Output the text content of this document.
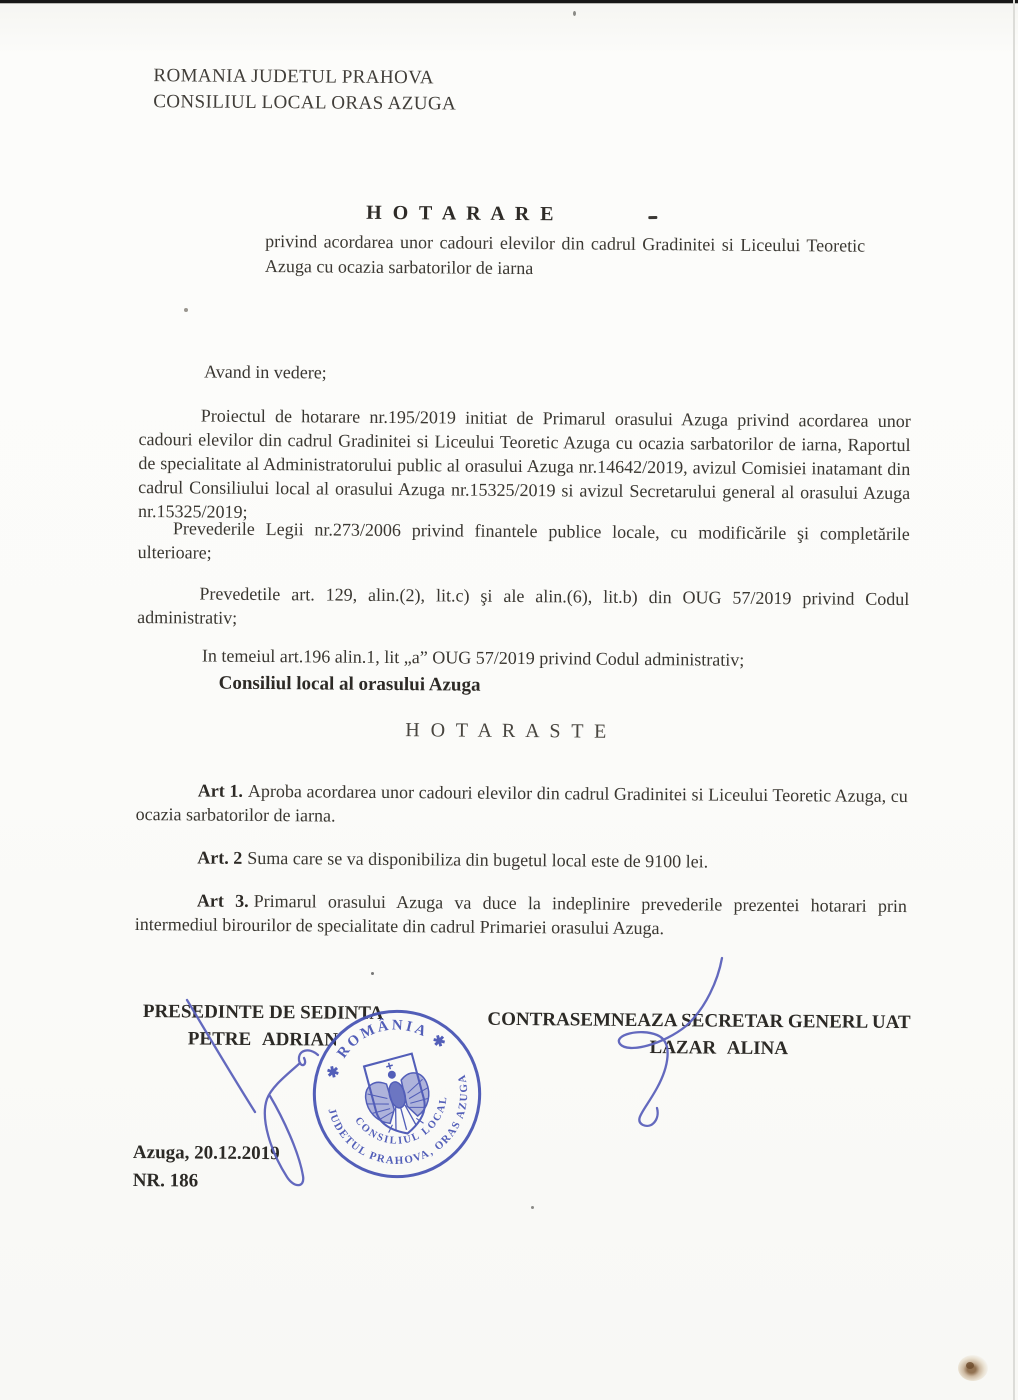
ROMANIA JUDETUL PRAHOVA
CONSILIUL LOCAL ORAS AZUGA
H O T A R A R E
privind acordarea unor cadouri elevilor din cadrul Gradinitei si Liceului Teoretic Azuga cu ocazia sarbatorilor de iarna
Avand in vedere;

Proiectul de hotarare nr.195/2019 initiat de Primarul orasului Azuga privind acordarea unor cadouri elevilor din cadrul Gradinitei si Liceului Teoretic Azuga cu ocazia sarbatorilor de iarna, Raportul de specialitate al Administratorului public al orasului Azuga nr.14642/2019, avizul Comisiei inatamant din cadrul Consiliului local al orasului Azuga nr.15325/2019 si avizul Secretarului general al orasului Azuga nr.15325/2019;

Prevederile Legii nr.273/2006 privind finantele publice locale, cu modificările şi completările ulterioare;

Prevedetile art. 129, alin.(2), lit.c) şi ale alin.(6), lit.b) din OUG 57/2019 privind Codul administrativ;

In temeiul art.196 alin.1, lit „a” OUG 57/2019 privind Codul administrativ;

Consiliul local al orasului Azuga
H O T A R A S T E

Art 1. Aproba acordarea unor cadouri elevilor din cadrul Gradinitei si Liceului Teoretic Azuga, cu ocazia sarbatorilor de iarna.

Art. 2 Suma care se va disponibiliza din bugetul local este de 9100 lei.

Art 3. Primarul orasului Azuga va duce la indeplinire prevederile prezentei hotarari prin intermediul birourilor de specialitate din cadrul Primariei orasului Azuga.

PRESEDINTE DE SEDINTA
PETRE ADRIAN
CONTRASEMNEAZA SECRETAR GENERL UAT
LAZAR ALINA
Azuga, 20.12.2019
NR. 186
✱ ROMÂNIA ✱
JUDETUL PRAHOVA, ORAS AZUGA
CONSILIUL LOCAL
